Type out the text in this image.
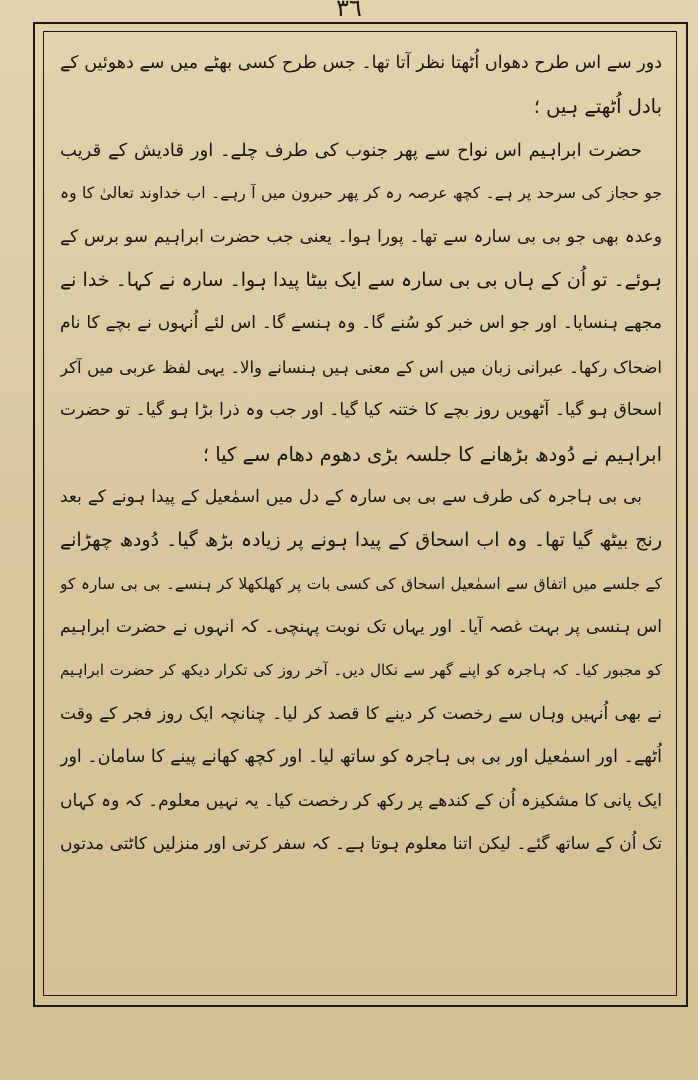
٣٦
دور سے اس طرح دھواں اُٹھتا نظر آتا تھا۔ جس طرح کسی بھٹے میں سے دھوئیں کے
بادل اُٹھتے ہیں ؛
حضرت ابراہیم اس نواح سے پھر جنوب کی طرف چلے۔ اور قادیش کے قریب
جو حجاز کی سرحد پر ہے۔ کچھ عرصہ رہ کر پھر حبرون میں آ رہے۔ اب خداوند تعالیٰ کا وہ
وعدہ بھی جو بی بی سارہ سے تھا۔ پورا ہوا۔ یعنی جب حضرت ابراہیم سو برس کے
ہوئے۔ تو اُن کے ہاں بی بی سارہ سے ایک بیٹا پیدا ہوا۔ سارہ نے کہا۔ خدا نے
مجھے ہنسایا۔ اور جو اس خبر کو سُنے گا۔ وہ ہنسے گا۔ اس لئے اُنہوں نے بچے کا نام
اضحاک رکھا۔ عبرانی زبان میں اس کے معنی ہیں ہنسانے والا۔ یہی لفظ عربی میں آکر
اسحاق ہو گیا۔ آٹھویں روز بچے کا ختنہ کیا گیا۔ اور جب وہ ذرا بڑا ہو گیا۔ تو حضرت
ابراہیم نے دُودھ بڑھانے کا جلسہ بڑی دھوم دھام سے کیا ؛
بی بی ہاجرہ کی طرف سے بی بی سارہ کے دل میں اسمٰعیل کے پیدا ہونے کے بعد
رنج بیٹھ گیا تھا۔ وہ اب اسحاق کے پیدا ہونے پر زیادہ بڑھ گیا۔ دُودھ چھڑانے
کے جلسے میں اتفاق سے اسمٰعیل اسحاق کی کسی بات پر کھلکھلا کر ہنسے۔ بی بی سارہ کو
اس ہنسی پر بہت غصہ آیا۔ اور یہاں تک نوبت پہنچی۔ کہ انہوں نے حضرت ابراہیم
کو مجبور کیا۔ کہ ہاجرہ کو اپنے گھر سے نکال دیں۔ آخر روز کی تکرار دیکھ کر حضرت ابراہیم
نے بھی اُنہیں وہاں سے رخصت کر دینے کا قصد کر لیا۔ چنانچہ ایک روز فجر کے وقت
اُٹھے۔ اور اسمٰعیل اور بی بی ہاجرہ کو ساتھ لیا۔ اور کچھ کھانے پینے کا سامان۔ اور
ایک پانی کا مشکیزہ اُن کے کندھے پر رکھ کر رخصت کیا۔ یہ نہیں معلوم۔ کہ وہ کہاں
تک اُن کے ساتھ گئے۔ لیکن اتنا معلوم ہوتا ہے۔ کہ سفر کرتی اور منزلیں کاٹتی مدتوں
